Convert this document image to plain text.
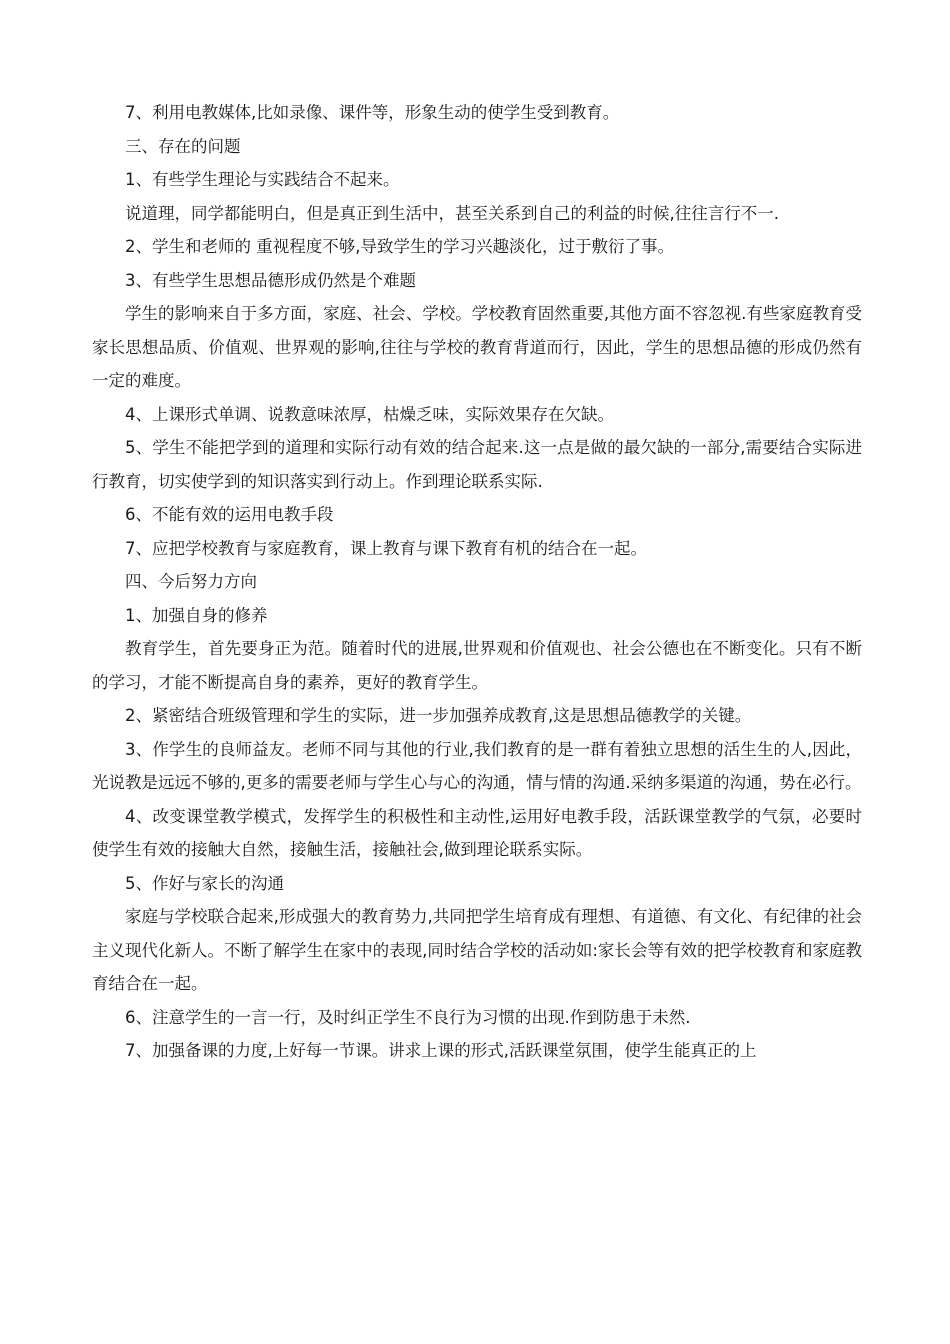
7、利用电教媒体,比如录像、课件等，形象生动的使学生受到教育。

三、存在的问题

1、有些学生理论与实践结合不起来。

说道理，同学都能明白，但是真正到生活中，甚至关系到自己的利益的时候,往往言行不一.

2、学生和老师的 重视程度不够,导致学生的学习兴趣淡化，过于敷衍了事。

3、有些学生思想品德形成仍然是个难题

学生的影响来自于多方面，家庭、社会、学校。学校教育固然重要,其他方面不容忽视.有些家庭教育受家长思想品质、价值观、世界观的影响,往往与学校的教育背道而行，因此，学生的思想品德的形成仍然有一定的难度。

4、上课形式单调、说教意味浓厚，枯燥乏味，实际效果存在欠缺。

5、学生不能把学到的道理和实际行动有效的结合起来.这一点是做的最欠缺的一部分,需要结合实际进行教育，切实使学到的知识落实到行动上。作到理论联系实际.

6、不能有效的运用电教手段

7、应把学校教育与家庭教育，课上教育与课下教育有机的结合在一起。

四、今后努力方向

1、加强自身的修养

教育学生，首先要身正为范。随着时代的进展,世界观和价值观也、社会公德也在不断变化。只有不断的学习，才能不断提高自身的素养，更好的教育学生。

2、紧密结合班级管理和学生的实际，进一步加强养成教育,这是思想品德教学的关键。

3、作学生的良师益友。老师不同与其他的行业,我们教育的是一群有着独立思想的活生生的人,因此，光说教是远远不够的,更多的需要老师与学生心与心的沟通，情与情的沟通.采纳多渠道的沟通，势在必行。

4、改变课堂教学模式，发挥学生的积极性和主动性,运用好电教手段，活跃课堂教学的气氛，必要时使学生有效的接触大自然，接触生活，接触社会,做到理论联系实际。

5、作好与家长的沟通

家庭与学校联合起来,形成强大的教育势力,共同把学生培育成有理想、有道德、有文化、有纪律的社会主义现代化新人。不断了解学生在家中的表现,同时结合学校的活动如:家长会等有效的把学校教育和家庭教育结合在一起。

6、注意学生的一言一行，及时纠正学生不良行为习惯的出现.作到防患于未然.

7、加强备课的力度,上好每一节课。讲求上课的形式,活跃课堂氛围，使学生能真正的上
